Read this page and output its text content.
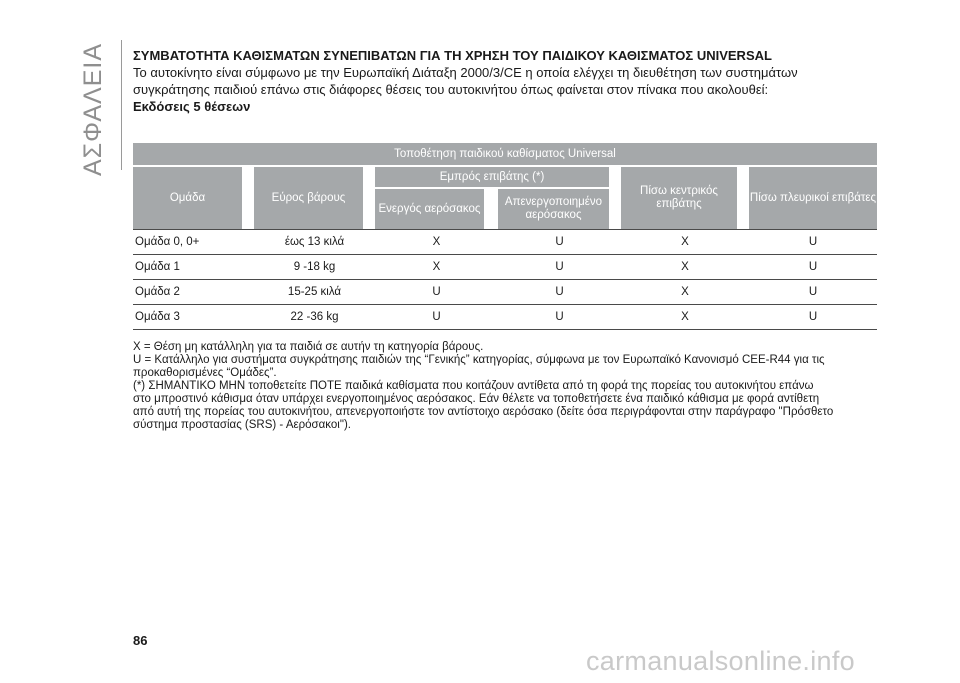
ΑΣΦΑΛΕΙΑ ΣΥΜΒΑΤΟΤΗΤΑ ΚΑΘΙΣΜΑΤΩΝ ΣΥΝΕΠΙΒΑΤΩΝ ΓΙΑ ΤΗ ΧΡΗΣΗ ΤΟΥ ΠΑΙΔΙΚΟΥ ΚΑΘΙΣΜΑΤΟΣ UNIVERSAL

Το αυτοκίνητο είναι σύμφωνο με την Ευρωπαϊκή Διάταξη 2000/3/CE η οποία ελέγχει τη διευθέτηση των συστημάτων

συγκράτησης παιδιού επάνω στις διάφορες θέσεις του αυτοκινήτου όπως φαίνεται στον πίνακα που ακολουθεί:

Εκδόσεις 5 θέσεων

Τοποθέτηση παιδικού καθίσματος Universal					
Ομάδα	Εύρος βάρους	Εμπρός επιβάτης (*)		Πίσω κεντρικός επιβάτης	Πίσω πλευρικοί επιβάτες
		Ενεργός αερόσακος	Απενεργοποιημένο αερόσακος		
Ομάδα 0, 0+	έως 13 κιλά	X	U	X	U
Ομάδα 1	9 -18 kg	X	U	X	U
Ομάδα 2	15-25 κιλά	U	U	X	U
Ομάδα 3	22 -36 kg	U	U	X	U

X = Θέση μη κατάλληλη για τα παιδιά σε αυτήν τη κατηγορία βάρους.

U = Κατάλληλο για συστήματα συγκράτησης παιδιών της “Γενικής” κατηγορίας, σύμφωνα με τον Ευρωπαϊκό Κανονισμό CEE-R44 για τις

προκαθορισμένες “Ομάδες”.

(*) ΣΗΜΑΝΤΙΚΟ ΜΗΝ τοποθετείτε ΠΟΤΕ παιδικά καθίσματα που κοιτάζουν αντίθετα από τη φορά της πορείας του αυτοκινήτου επάνω

στο μπροστινό κάθισμα όταν υπάρχει ενεργοποιημένος αερόσακος. Εάν θέλετε να τοποθετήσετε ένα παιδικό κάθισμα με φορά αντίθετη

από αυτή της πορείας του αυτοκινήτου, απενεργοποιήστε τον αντίστοιχο αερόσακο (δείτε όσα περιγράφονται στην παράγραφο "Πρόσθετο

σύστημα προστασίας (SRS) - Αερόσακοι").

86
carmanualsonline.info
